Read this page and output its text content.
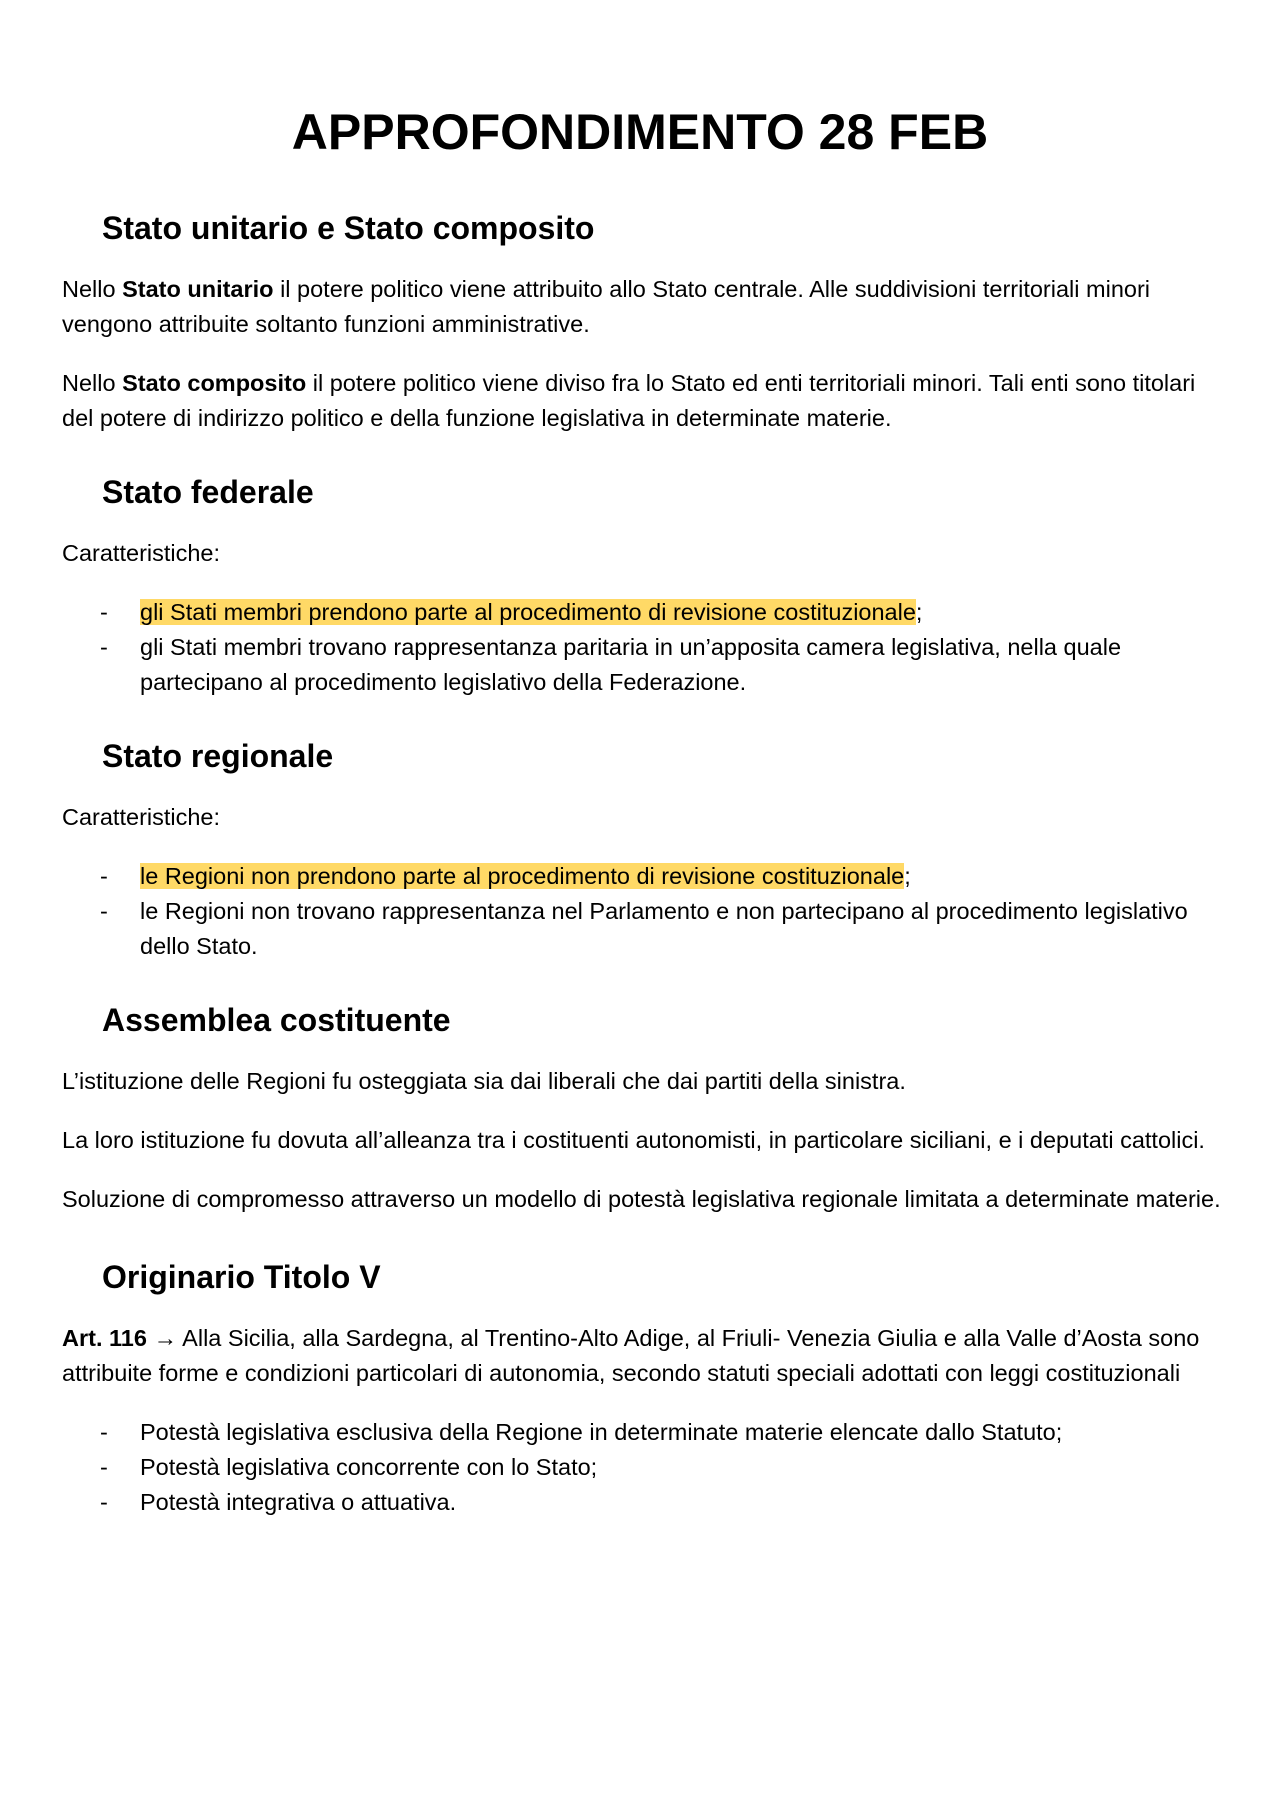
APPROFONDIMENTO 28 FEB
Stato unitario e Stato composito

Nello Stato unitario il potere politico viene attribuito allo Stato centrale. Alle suddivisioni territoriali minori vengono attribuite soltanto funzioni amministrative.

Nello Stato composito il potere politico viene diviso fra lo Stato ed enti territoriali minori. Tali enti sono titolari del potere di indirizzo politico e della funzione legislativa in determinate materie.

Stato federale

Caratteristiche:

- gli Stati membri prendono parte al procedimento di revisione costituzionale;
- gli Stati membri trovano rappresentanza paritaria in un’apposita camera legislativa, nella quale partecipano al procedimento legislativo della Federazione.
Stato regionale

Caratteristiche:

- le Regioni non prendono parte al procedimento di revisione costituzionale;
- le Regioni non trovano rappresentanza nel Parlamento e non partecipano al procedimento legislativo dello Stato.
Assemblea costituente

L’istituzione delle Regioni fu osteggiata sia dai liberali che dai partiti della sinistra.

La loro istituzione fu dovuta all’alleanza tra i costituenti autonomisti, in particolare siciliani, e i deputati cattolici.

Soluzione di compromesso attraverso un modello di potestà legislativa regionale limitata a determinate materie.

Originario Titolo V

Art. 116 → Alla Sicilia, alla Sardegna, al Trentino-Alto Adige, al Friuli- Venezia Giulia e alla Valle d’Aosta sono attribuite forme e condizioni particolari di autonomia, secondo statuti speciali adottati con leggi costituzionali

- Potestà legislativa esclusiva della Regione in determinate materie elencate dallo Statuto;
- Potestà legislativa concorrente con lo Stato;
- Potestà integrativa o attuativa.
